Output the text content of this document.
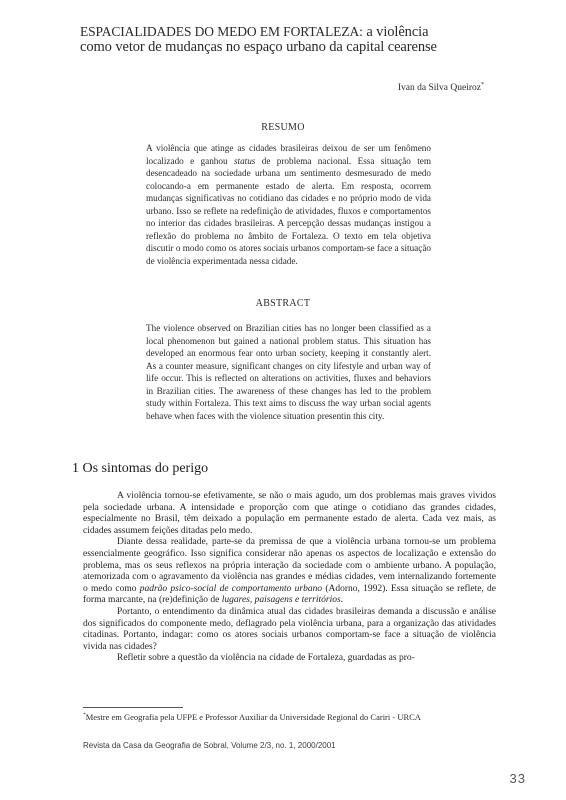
ESPACIALIDADES DO MEDO EM FORTALEZA: a violência
como vetor de mudanças no espaço urbano da capital cearense
Ivan da Silva Queiroz*
RESUMO

A violência que atinge as cidades brasileiras deixou de ser um fenômeno localizado e ganhou status de problema nacional. Essa situação tem desencadeado na sociedade urbana um sentimento desmesurado de medo colocando-a em permanente estado de alerta. Em resposta, ocorrem mudanças significativas no cotidiano das cidades e no próprio modo de vida urbano. Isso se reflete na redefinição de atividades, fluxos e comportamentos no interior das cidades brasileiras. A percepção dessas mudanças instigou a reflexão do problema no âmbito de Fortaleza. O texto em tela objetiva discutir o modo como os atores sociais urbanos comportam-se face a situação de violência experimentada nessa cidade.

ABSTRACT

The violence observed on Brazilian cities has no longer been classified as a local phenomenon but gained a national problem status. This situation has developed an enormous fear onto urban society, keeping it constantly alert. As a counter measure, significant changes on city lifestyle and urban way of life occur. This is reflected on alterations on activities, fluxes and behaviors in Brazilian cities. The awareness of these changes has led to the problem study within Fortaleza. This text aims to discuss the way urban social agents behave when faces with the violence situation presentin this city.

1 Os sintomas do perigo

A violência tornou-se efetivamente, se não o mais agudo, um dos problemas mais graves vividos pela sociedade urbana. A intensidade e proporção com que atinge o cotidiano das grandes cidades, especialmente no Brasil, têm deixado a população em permanente estado de alerta. Cada vez mais, as cidades assumem feições ditadas pelo medo.

Diante dessa realidade, parte-se da premissa de que a violência urbana tornou-se um problema essencialmente geográfico. Isso significa considerar não apenas os aspectos de localização e extensão do problema, mas os seus reflexos na própria interação da sociedade com o ambiente urbano. A população, atemorizada com o agravamento da violência nas grandes e médias cidades, vem internalizando fortemente o medo como padrão psico-social de comportamento urbano (Adorno, 1992). Essa situação se reflete, de forma marcante, na (re)definição de lugares, paisagens e territórios.

Portanto, o entendimento da dinâmica atual das cidades brasileiras demanda a discussão e análise dos significados do componente medo, deflagrado pela violência urbana, para a organização das atividades citadinas. Portanto, indagar: como os atores sociais urbanos comportam-se face a situação de violência vivida nas cidades?

Refletir sobre a questão da violência na cidade de Fortaleza, guardadas as pro-

*Mestre em Geografia pela UFPE e Professor Auxiliar da Universidade Regional do Cariri - URCA
Revista da Casa da Geografia de Sobral, Volume 2/3, no. 1, 2000/2001
33
